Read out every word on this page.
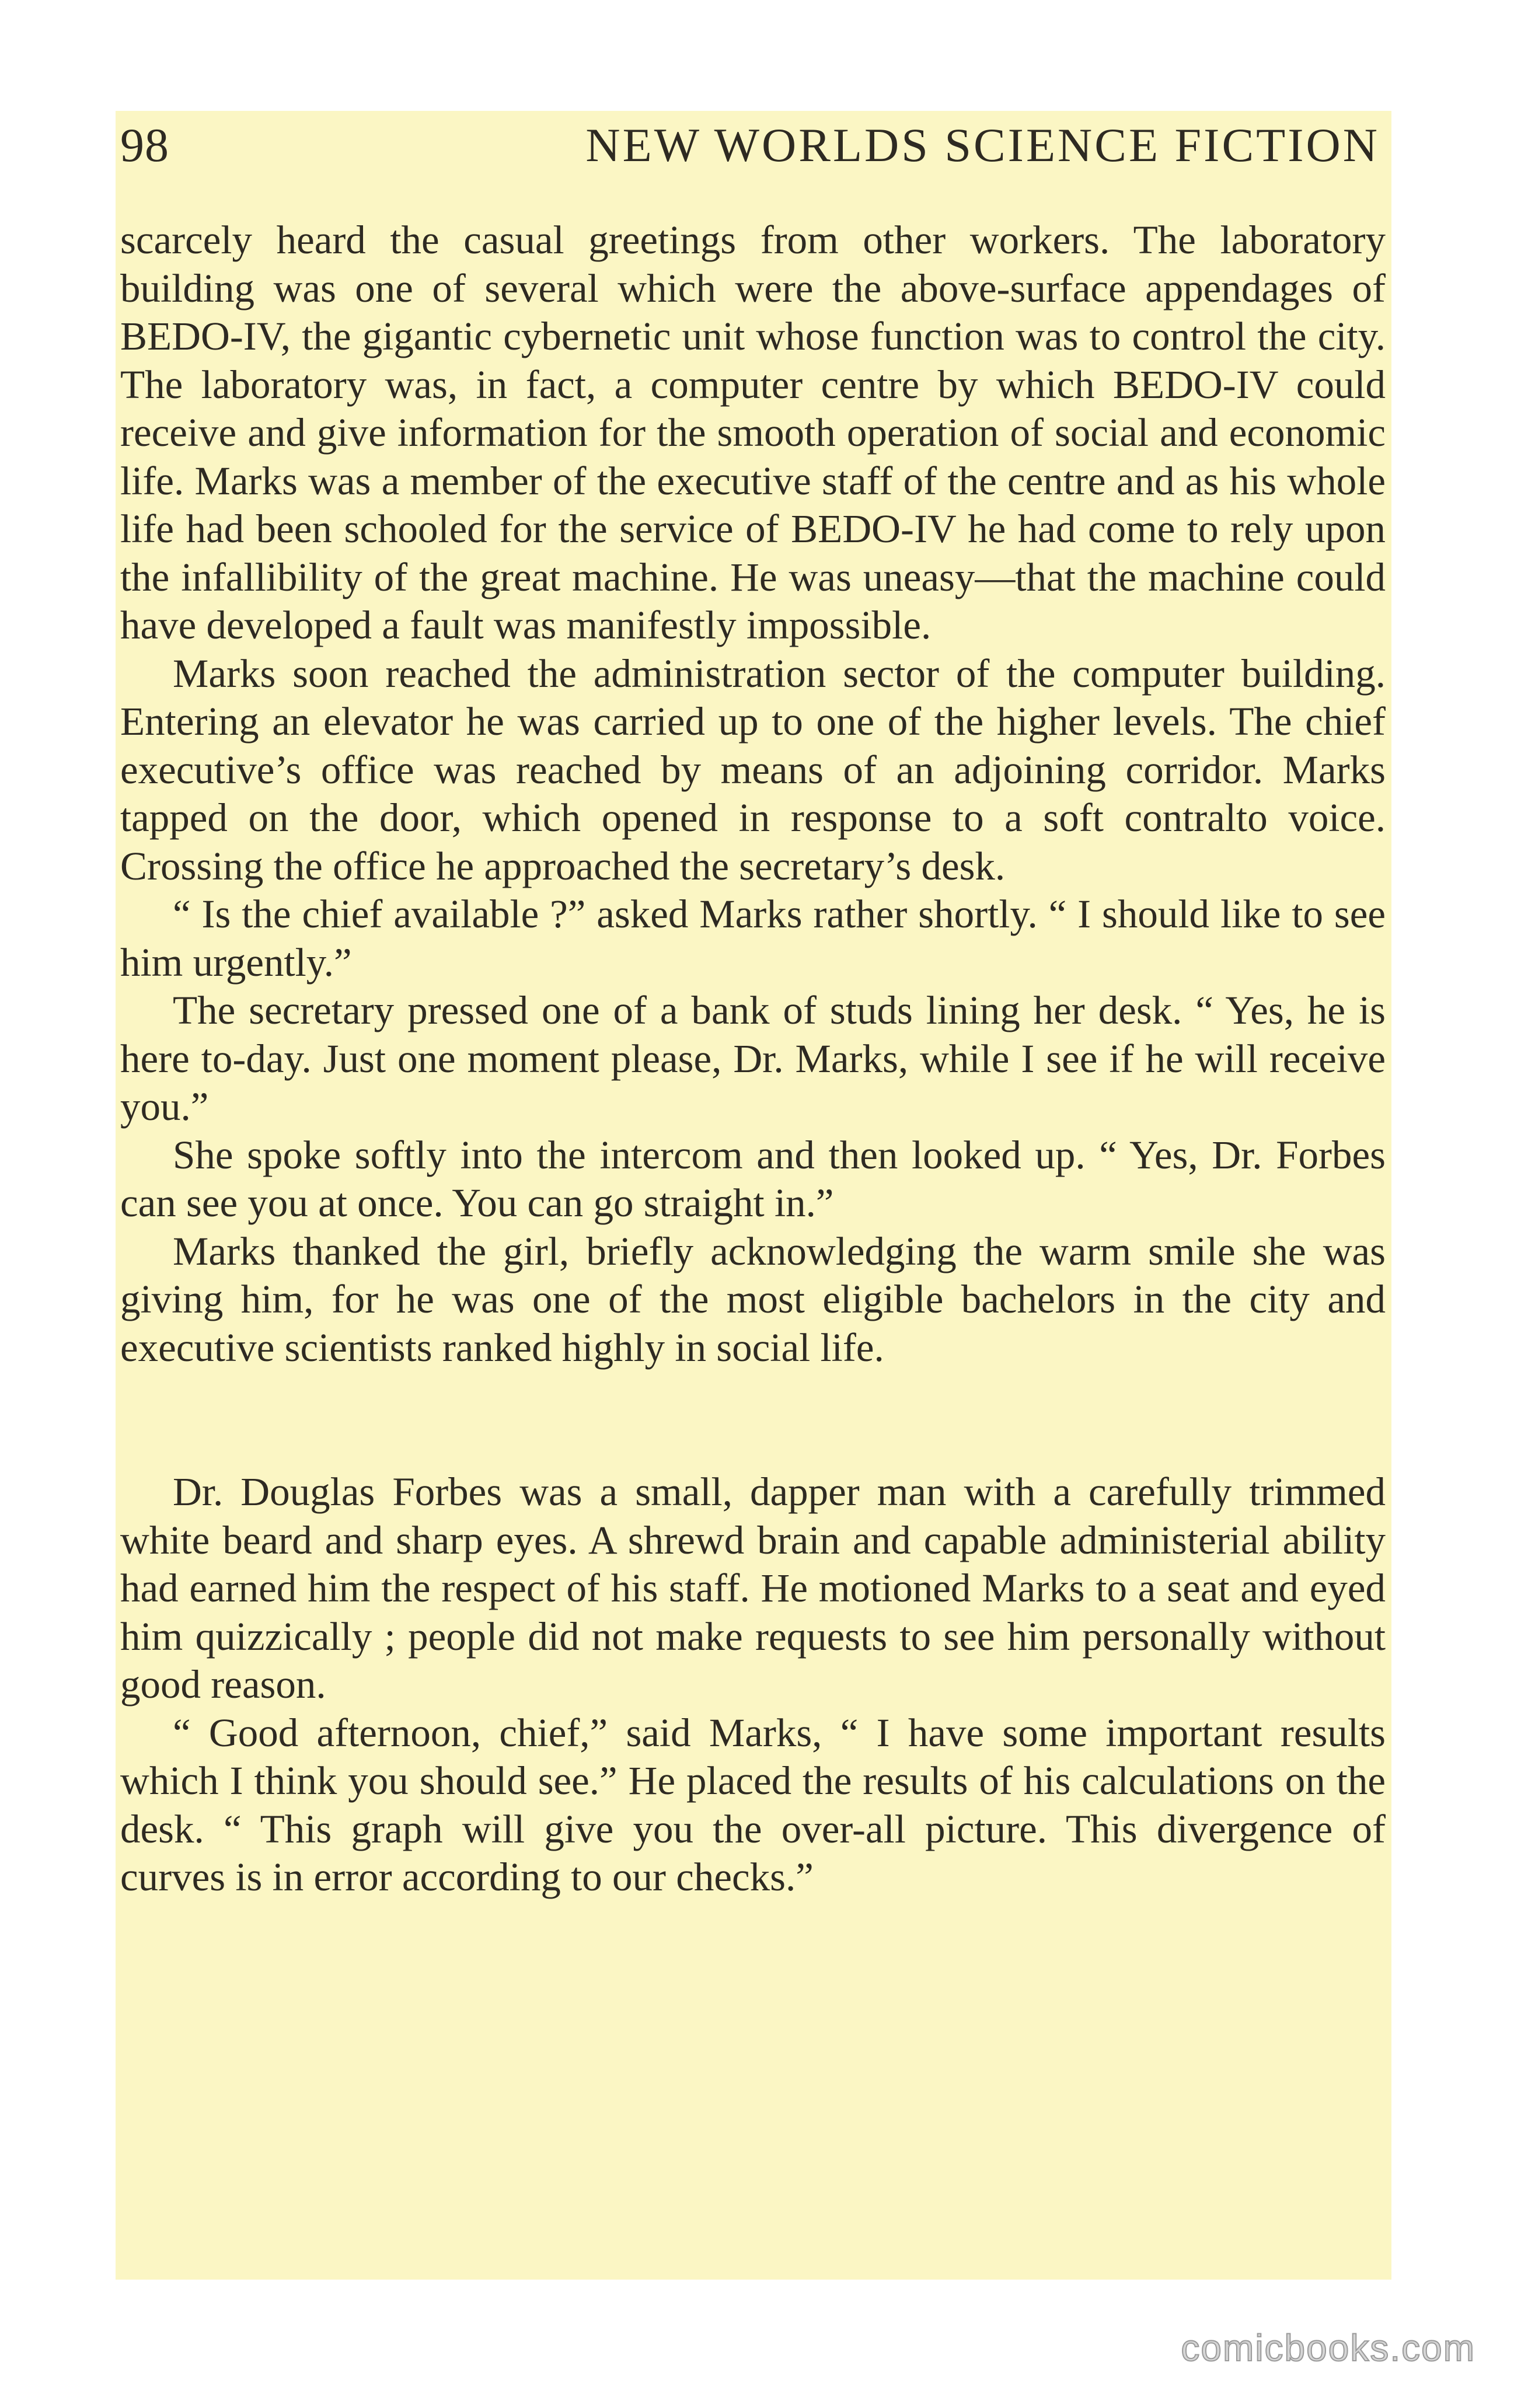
98	NEW WORLDS SCIENCE FICTION

scarcely heard the casual greetings from other workers. The laboratory building was one of several which were the above-surface appendages of BEDO-IV, the gigantic cybernetic unit whose function was to control the city. The laboratory was, in fact, a computer centre by which BEDO-IV could receive and give information for the smooth operation of social and economic life. Marks was a member of the executive staff of the centre and as his whole life had been schooled for the service of BEDO-IV he had come to rely upon the infallibility of the great machine. He was uneasy—that the machine could have developed a fault was manifestly impossible.

Marks soon reached the administration sector of the computer building. Entering an elevator he was carried up to one of the higher levels. The chief executive’s office was reached by means of an adjoining corridor. Marks tapped on the door, which opened in response to a soft contralto voice. Crossing the office he approached the secretary’s desk.

“ Is the chief available ?” asked Marks rather shortly. “ I should like to see him urgently.”

The secretary pressed one of a bank of studs lining her desk. “ Yes, he is here to-day. Just one moment please, Dr. Marks, while I see if he will receive you.”

She spoke softly into the intercom and then looked up. “ Yes, Dr. Forbes can see you at once. You can go straight in.”

Marks thanked the girl, briefly acknowledging the warm smile she was giving him, for he was one of the most eligible bachelors in the city and executive scientists ranked highly in social life.

Dr. Douglas Forbes was a small, dapper man with a carefully trimmed white beard and sharp eyes. A shrewd brain and capable administerial ability had earned him the respect of his staff. He motioned Marks to a seat and eyed him quizzically ; people did not make requests to see him personally without good reason.

“ Good afternoon, chief,” said Marks, “ I have some important results which I think you should see.” He placed the results of his calculations on the desk. “ This graph will give you the over-all picture. This divergence of curves is in error according to our checks.”

comicbooks.com
